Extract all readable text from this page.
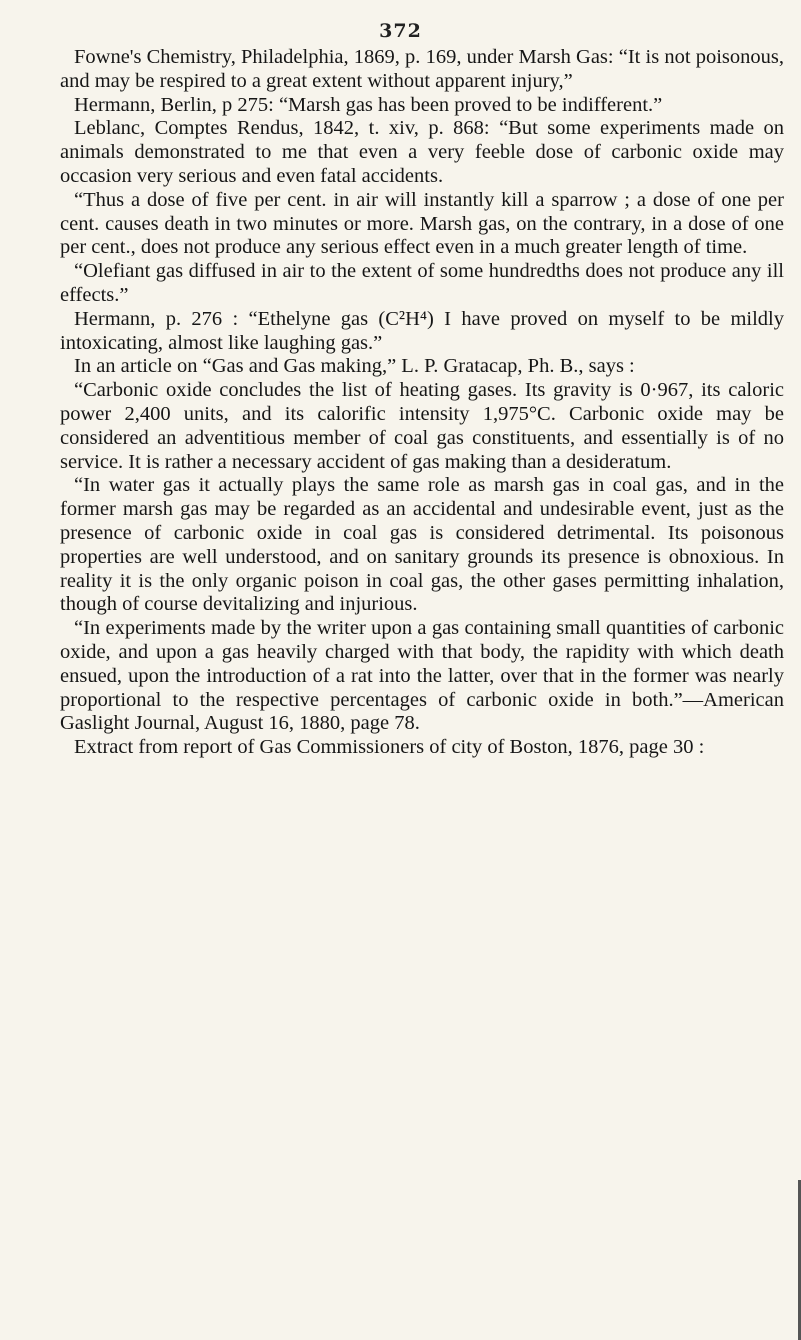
372

Fowne's Chemistry, Philadelphia, 1869, p. 169, under Marsh Gas: “It is not poisonous, and may be respired to a great extent without apparent injury,”

Hermann, Berlin, p 275: “Marsh gas has been proved to be indifferent.”

Leblanc, Comptes Rendus, 1842, t. xiv, p. 868: “But some experiments made on animals demonstrated to me that even a very feeble dose of carbonic oxide may occasion very serious and even fatal accidents.

“Thus a dose of five per cent. in air will instantly kill a sparrow ; a dose of one per cent. causes death in two minutes or more. Marsh gas, on the contrary, in a dose of one per cent., does not produce any serious effect even in a much greater length of time.

“Olefiant gas diffused in air to the extent of some hundredths does not produce any ill effects.”

Hermann, p. 276 : “Ethelyne gas (C²H⁴) I have proved on myself to be mildly intoxicating, almost like laughing gas.”

In an article on “Gas and Gas making,” L. P. Gratacap, Ph. B., says :

“Carbonic oxide concludes the list of heating gases. Its gravity is 0·967, its caloric power 2,400 units, and its calorific intensity 1,975°C. Carbonic oxide may be considered an adventitious member of coal gas constituents, and essentially is of no service. It is rather a necessary accident of gas making than a desideratum.

“In water gas it actually plays the same role as marsh gas in coal gas, and in the former marsh gas may be regarded as an accidental and undesirable event, just as the presence of carbonic oxide in coal gas is considered detrimental. Its poisonous properties are well understood, and on sanitary grounds its presence is obnoxious. In reality it is the only organic poison in coal gas, the other gases permitting inhalation, though of course devitalizing and injurious.

“In experiments made by the writer upon a gas containing small quantities of carbonic oxide, and upon a gas heavily charged with that body, the rapidity with which death ensued, upon the introduction of a rat into the latter, over that in the former was nearly proportional to the respective percentages of carbonic oxide in both.”—American Gaslight Journal, August 16, 1880, page 78.

Extract from report of Gas Commissioners of city of Boston, 1876, page 30 :
